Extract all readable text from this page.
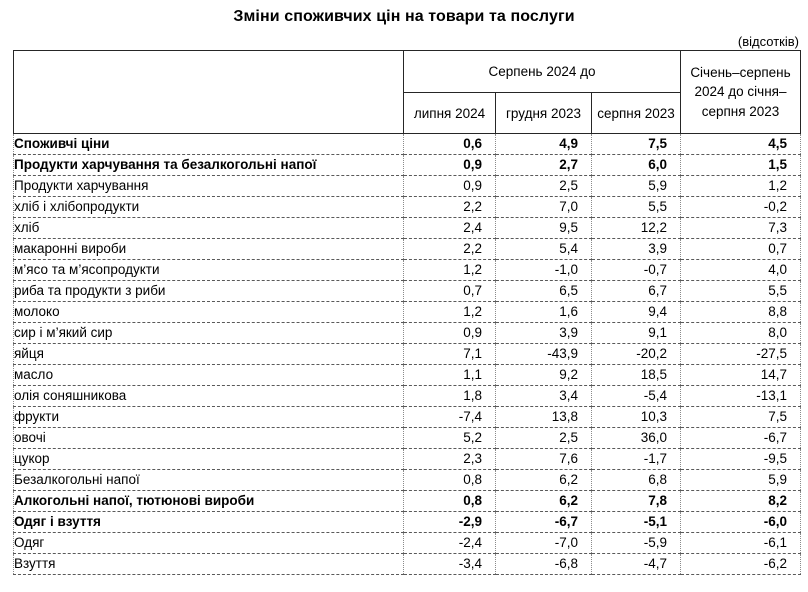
Зміни споживчих цін на товари та послуги
(відсотків)
	Серпень 2024 до			Січень–серпень 2024 до січня–серпня 2023
	липня 2024	грудня 2023	серпня 2023	
Споживчі ціни	0,6	4,9	7,5	4,5
Продукти харчування та безалкогольні напої	0,9	2,7	6,0	1,5
Продукти харчування	0,9	2,5	5,9	1,2
хліб і хлібопродукти	2,2	7,0	5,5	-0,2
хліб	2,4	9,5	12,2	7,3
макаронні вироби	2,2	5,4	3,9	0,7
м’ясо та м’ясопродукти	1,2	-1,0	-0,7	4,0
риба та продукти з риби	0,7	6,5	6,7	5,5
молоко	1,2	1,6	9,4	8,8
сир і м’який сир	0,9	3,9	9,1	8,0
яйця	7,1	-43,9	-20,2	-27,5
масло	1,1	9,2	18,5	14,7
олія соняшникова	1,8	3,4	-5,4	-13,1
фрукти	-7,4	13,8	10,3	7,5
овочі	5,2	2,5	36,0	-6,7
цукор	2,3	7,6	-1,7	-9,5
Безалкогольні напої	0,8	6,2	6,8	5,9
Алкогольні напої, тютюнові вироби	0,8	6,2	7,8	8,2
Одяг і взуття	-2,9	-6,7	-5,1	-6,0
Одяг	-2,4	-7,0	-5,9	-6,1
Взуття	-3,4	-6,8	-4,7	-6,2
